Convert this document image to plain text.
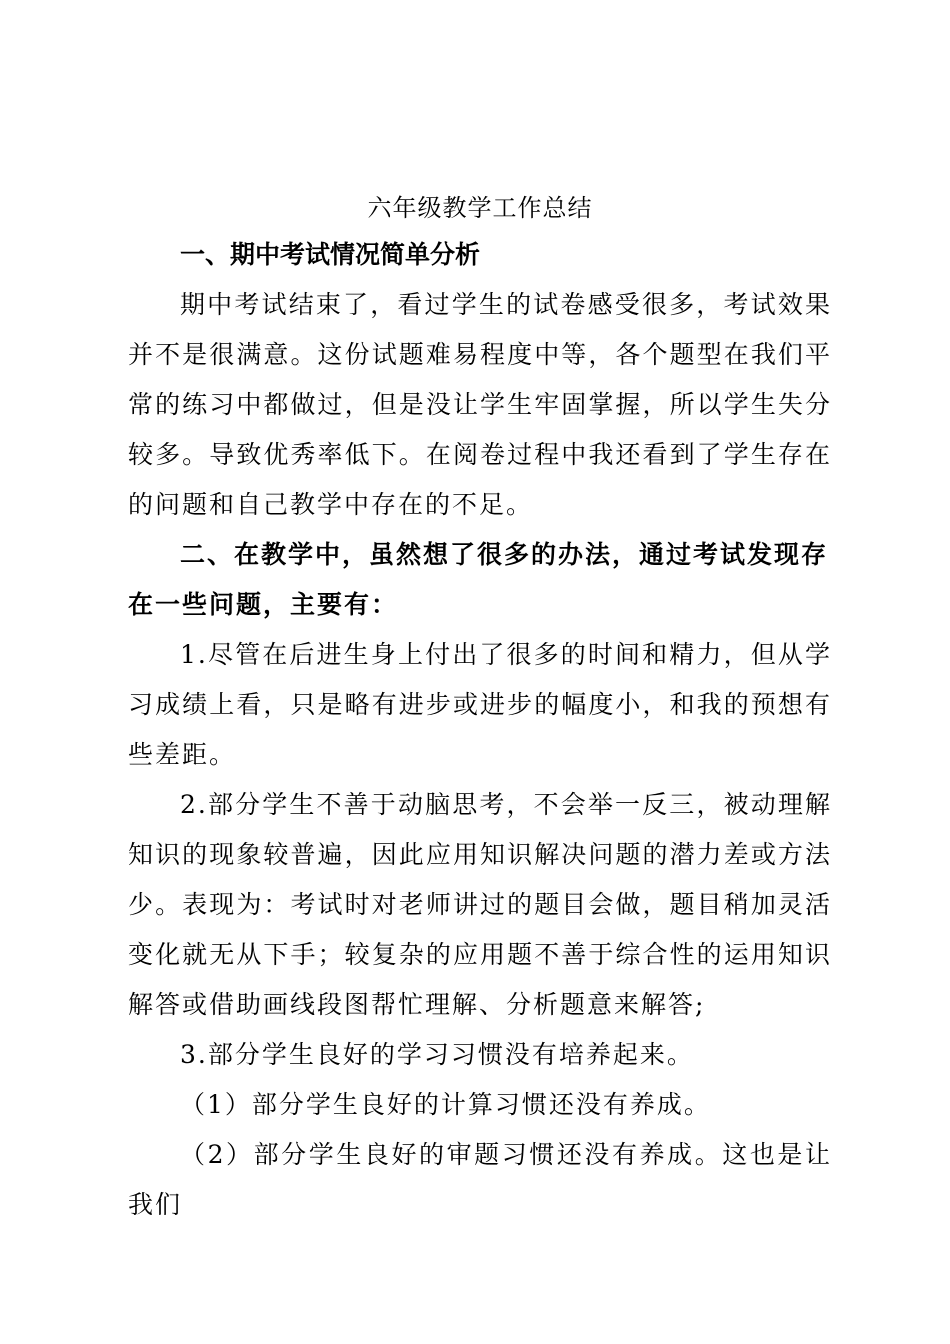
六年级教学工作总结
一、期中考试情况简单分析
期中考试结束了，看过学生的试卷感受很多，考试效果并不是很满意。这份试题难易程度中等，各个题型在我们平常的练习中都做过，但是没让学生牢固掌握，所以学生失分较多。导致优秀率低下。在阅卷过程中我还看到了学生存在的问题和自己教学中存在的不足。
二、在教学中，虽然想了很多的办法，通过考试发现存在一些问题，主要有：
1.尽管在后进生身上付出了很多的时间和精力，但从学习成绩上看，只是略有进步或进步的幅度小，和我的预想有些差距。
2.部分学生不善于动脑思考，不会举一反三，被动理解知识的现象较普遍，因此应用知识解决问题的潜力差或方法少。表现为：考试时对老师讲过的题目会做，题目稍加灵活变化就无从下手；较复杂的应用题不善于综合性的运用知识解答或借助画线段图帮忙理解、分析题意来解答;
3.部分学生良好的学习习惯没有培养起来。
（1）部分学生良好的计算习惯还没有养成。
（2）部分学生良好的审题习惯还没有养成。这也是让我们
